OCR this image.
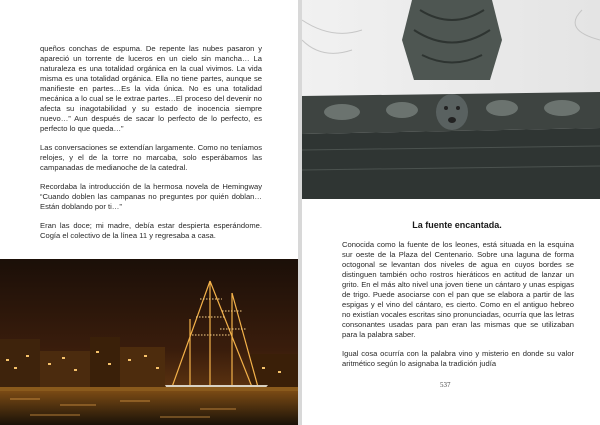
queños conchas de espuma. De repente las nubes pasaron y apareció un torrente de luceros en un cielo sin mancha… La naturaleza es una totalidad orgánica en la cual vivimos. La vida misma es una totalidad orgánica. Ella no tiene partes, aunque se manifieste en partes…Es la vida única. No es una totalidad mecánica a lo cual se le extrae partes…El proceso del devenir no afecta su inagotabilidad y su estado de inocencia siempre nuevo…” Aun después de sacar lo perfecto de lo perfecto, es perfecto lo que queda…”

Las conversaciones se extendían largamente. Como no teníamos relojes, y el de la torre no marcaba, solo esperábamos las campanadas de medianoche de la catedral.

Recordaba la introducción de la hermosa novela de Hemingway “Cuando doblen las campanas no preguntes por quién doblan…Están doblando por ti…”

Eran las doce; mi madre, debía estar despierta esperándome. Cogía el colectivo de la línea 11 y regresaba a casa.

537
La fuente encantada.

Conocida como la fuente de los leones, está situada en la esquina sur oeste de la Plaza del Centenario. Sobre una laguna de forma octogonal se levantan dos niveles de agua en cuyos bordes se distinguen también ocho rostros hieráticos en actitud de lanzar un grito. En el más alto nivel una joven tiene un cántaro y unas espigas de trigo. Puede asociarse con el pan que se elabora a partir de las espigas y el vino del cántaro, es cierto. Como en el antiguo hebreo no existían vocales escritas sino pronunciadas, ocurría que las letras consonantes usadas para pan eran las mismas que se utilizaban para la palabra saber.

Igual cosa ocurría con la palabra vino y misterio en donde su valor aritmético según lo asignaba la tradición judía
